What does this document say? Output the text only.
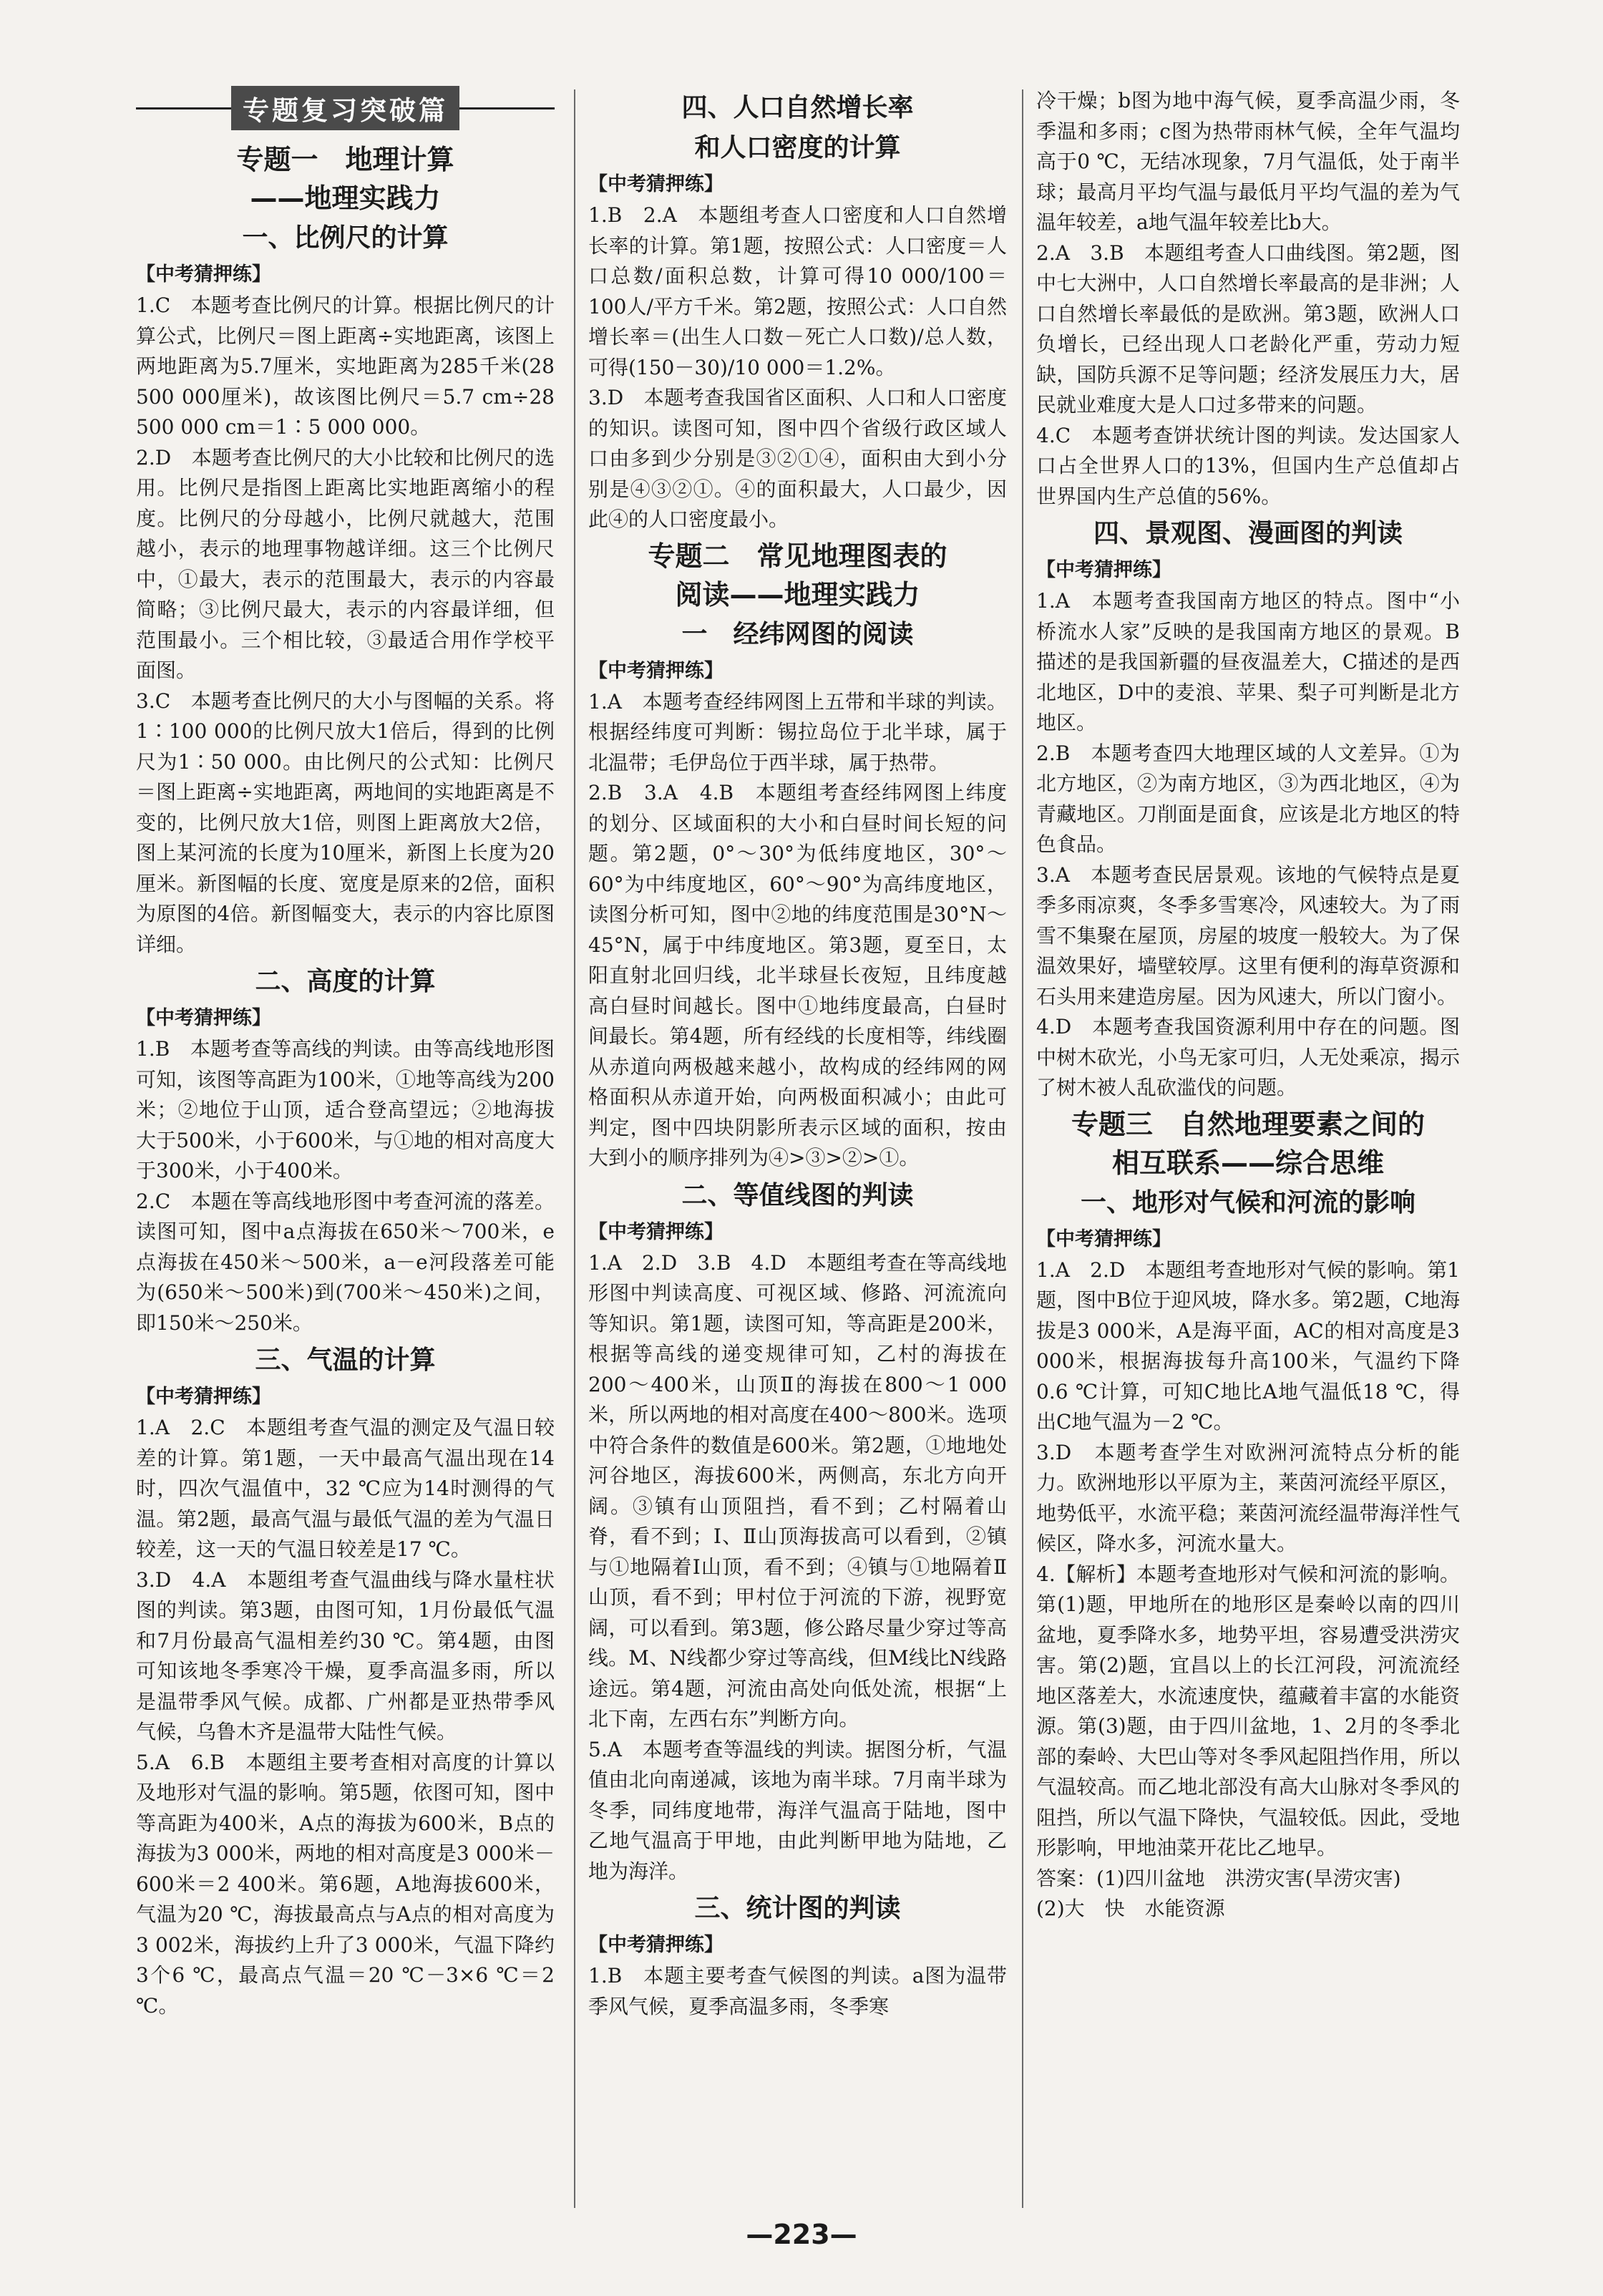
专题复习突破篇
专题一　地理计算
——地理实践力
一、比例尺的计算
【中考猜押练】

1.C　本题考查比例尺的计算。根据比例尺的计算公式，比例尺＝图上距离÷实地距离，该图上两地距离为5.7厘米，实地距离为285千米(28 500 000厘米)，故该图比例尺＝5.7 cm÷28 500 000 cm＝1∶5 000 000。

2.D　本题考查比例尺的大小比较和比例尺的选用。比例尺是指图上距离比实地距离缩小的程度。比例尺的分母越小，比例尺就越大，范围越小，表示的地理事物越详细。这三个比例尺中，①最大，表示的范围最大，表示的内容最简略；③比例尺最大，表示的内容最详细，但范围最小。三个相比较，③最适合用作学校平面图。

3.C　本题考查比例尺的大小与图幅的关系。将1∶100 000的比例尺放大1倍后，得到的比例尺为1∶50 000。由比例尺的公式知：比例尺＝图上距离÷实地距离，两地间的实地距离是不变的，比例尺放大1倍，则图上距离放大2倍，图上某河流的长度为10厘米，新图上长度为20厘米。新图幅的长度、宽度是原来的2倍，面积为原图的4倍。新图幅变大，表示的内容比原图详细。

二、高度的计算
【中考猜押练】

1.B　本题考查等高线的判读。由等高线地形图可知，该图等高距为100米，①地等高线为200米；②地位于山顶，适合登高望远；②地海拔大于500米，小于600米，与①地的相对高度大于300米，小于400米。

2.C　本题在等高线地形图中考查河流的落差。读图可知，图中a点海拔在650米～700米，e点海拔在450米～500米，a－e河段落差可能为(650米～500米)到(700米～450米)之间，即150米～250米。

三、气温的计算
【中考猜押练】

1.A　2.C　本题组考查气温的测定及气温日较差的计算。第1题，一天中最高气温出现在14时，四次气温值中，32 ℃应为14时测得的气温。第2题，最高气温与最低气温的差为气温日较差，这一天的气温日较差是17 ℃。

3.D　4.A　本题组考查气温曲线与降水量柱状图的判读。第3题，由图可知，1月份最低气温和7月份最高气温相差约30 ℃。第4题，由图可知该地冬季寒冷干燥，夏季高温多雨，所以是温带季风气候。成都、广州都是亚热带季风气候，乌鲁木齐是温带大陆性气候。

5.A　6.B　本题组主要考查相对高度的计算以及地形对气温的影响。第5题，依图可知，图中等高距为400米，A点的海拔为600米，B点的海拔为3 000米，两地的相对高度是3 000米－600米＝2 400米。第6题，A地海拔600米，气温为20 ℃，海拔最高点与A点的相对高度为3 002米，海拔约上升了3 000米，气温下降约3个6 ℃，最高点气温＝20 ℃－3×6 ℃＝2 ℃。

四、人口自然增长率
和人口密度的计算
【中考猜押练】

1.B　2.A　本题组考查人口密度和人口自然增长率的计算。第1题，按照公式：人口密度＝人口总数/面积总数，计算可得10 000/100＝100人/平方千米。第2题，按照公式：人口自然增长率＝(出生人口数－死亡人口数)/总人数，可得(150－30)/10 000＝1.2%。

3.D　本题考查我国省区面积、人口和人口密度的知识。读图可知，图中四个省级行政区域人口由多到少分别是③②①④，面积由大到小分别是④③②①。④的面积最大，人口最少，因此④的人口密度最小。

专题二　常见地理图表的
阅读——地理实践力
一　经纬网图的阅读
【中考猜押练】

1.A　本题考查经纬网图上五带和半球的判读。根据经纬度可判断：锡拉岛位于北半球，属于北温带；毛伊岛位于西半球，属于热带。

2.B　3.A　4.B　本题组考查经纬网图上纬度的划分、区域面积的大小和白昼时间长短的问题。第2题，0°～30°为低纬度地区，30°～60°为中纬度地区，60°～90°为高纬度地区，读图分析可知，图中②地的纬度范围是30°N～45°N，属于中纬度地区。第3题，夏至日，太阳直射北回归线，北半球昼长夜短，且纬度越高白昼时间越长。图中①地纬度最高，白昼时间最长。第4题，所有经线的长度相等，纬线圈从赤道向两极越来越小，故构成的经纬网的网格面积从赤道开始，向两极面积减小；由此可判定，图中四块阴影所表示区域的面积，按由大到小的顺序排列为④>③>②>①。

二、等值线图的判读
【中考猜押练】

1.A　2.D　3.B　4.D　本题组考查在等高线地形图中判读高度、可视区域、修路、河流流向等知识。第1题，读图可知，等高距是200米，根据等高线的递变规律可知，乙村的海拔在200～400米，山顶Ⅱ的海拔在800～1 000米，所以两地的相对高度在400～800米。选项中符合条件的数值是600米。第2题，①地地处河谷地区，海拔600米，两侧高，东北方向开阔。③镇有山顶阻挡，看不到；乙村隔着山脊，看不到；Ⅰ、Ⅱ山顶海拔高可以看到，②镇与①地隔着Ⅰ山顶，看不到；④镇与①地隔着Ⅱ山顶，看不到；甲村位于河流的下游，视野宽阔，可以看到。第3题，修公路尽量少穿过等高线。M、N线都少穿过等高线，但M线比N线路途远。第4题，河流由高处向低处流，根据“上北下南，左西右东”判断方向。

5.A　本题考查等温线的判读。据图分析，气温值由北向南递减，该地为南半球。7月南半球为冬季，同纬度地带，海洋气温高于陆地，图中乙地气温高于甲地，由此判断甲地为陆地，乙地为海洋。

三、统计图的判读
【中考猜押练】

1.B　本题主要考查气候图的判读。a图为温带季风气候，夏季高温多雨，冬季寒

冷干燥；b图为地中海气候，夏季高温少雨，冬季温和多雨；c图为热带雨林气候，全年气温均高于0 ℃，无结冰现象，7月气温低，处于南半球；最高月平均气温与最低月平均气温的差为气温年较差，a地气温年较差比b大。

2.A　3.B　本题组考查人口曲线图。第2题，图中七大洲中，人口自然增长率最高的是非洲；人口自然增长率最低的是欧洲。第3题，欧洲人口负增长，已经出现人口老龄化严重，劳动力短缺，国防兵源不足等问题；经济发展压力大，居民就业难度大是人口过多带来的问题。

4.C　本题考查饼状统计图的判读。发达国家人口占全世界人口的13%，但国内生产总值却占世界国内生产总值的56%。

四、景观图、漫画图的判读
【中考猜押练】

1.A　本题考查我国南方地区的特点。图中“小桥流水人家”反映的是我国南方地区的景观。B描述的是我国新疆的昼夜温差大，C描述的是西北地区，D中的麦浪、苹果、梨子可判断是北方地区。

2.B　本题考查四大地理区域的人文差异。①为北方地区，②为南方地区，③为西北地区，④为青藏地区。刀削面是面食，应该是北方地区的特色食品。

3.A　本题考查民居景观。该地的气候特点是夏季多雨凉爽，冬季多雪寒冷，风速较大。为了雨雪不集聚在屋顶，房屋的坡度一般较大。为了保温效果好，墙壁较厚。这里有便利的海草资源和石头用来建造房屋。因为风速大，所以门窗小。

4.D　本题考查我国资源利用中存在的问题。图中树木砍光，小鸟无家可归，人无处乘凉，揭示了树木被人乱砍滥伐的问题。

专题三　自然地理要素之间的
相互联系——综合思维
一、地形对气候和河流的影响
【中考猜押练】

1.A　2.D　本题组考查地形对气候的影响。第1题，图中B位于迎风坡，降水多。第2题，C地海拔是3 000米，A是海平面，AC的相对高度是3 000米，根据海拔每升高100米，气温约下降0.6 ℃计算，可知C地比A地气温低18 ℃，得出C地气温为－2 ℃。

3.D　本题考查学生对欧洲河流特点分析的能力。欧洲地形以平原为主，莱茵河流经平原区，地势低平，水流平稳；莱茵河流经温带海洋性气候区，降水多，河流水量大。

4.【解析】本题考查地形对气候和河流的影响。第(1)题，甲地所在的地形区是秦岭以南的四川盆地，夏季降水多，地势平坦，容易遭受洪涝灾害。第(2)题，宜昌以上的长江河段，河流流经地区落差大，水流速度快，蕴藏着丰富的水能资源。第(3)题，由于四川盆地，1、2月的冬季北部的秦岭、大巴山等对冬季风起阻挡作用，所以气温较高。而乙地北部没有高大山脉对冬季风的阻挡，所以气温下降快，气温较低。因此，受地形影响，甲地油菜开花比乙地早。

答案：(1)四川盆地　洪涝灾害(旱涝灾害)

(2)大　快　水能资源

—223—
